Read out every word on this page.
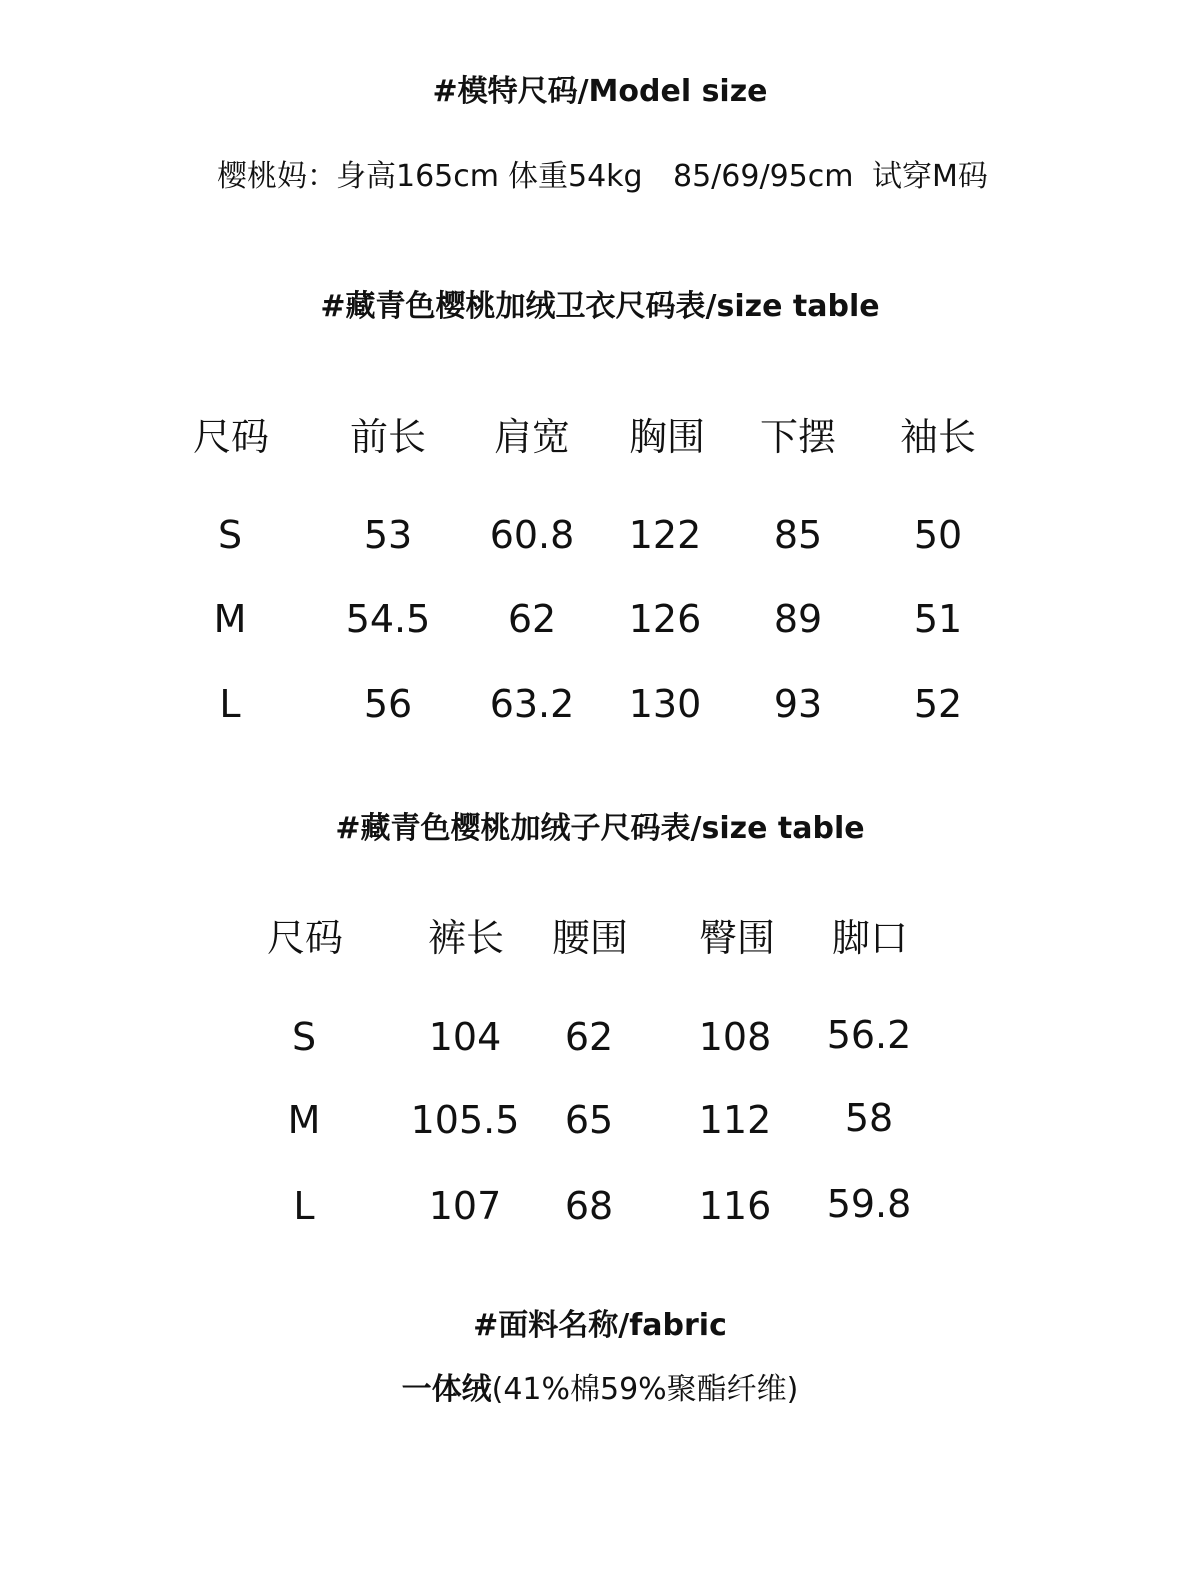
#模特尺码/Model size
樱桃妈： 身高165cm 体重54kg 85/69/95cm 试穿M码
#藏青色樱桃加绒卫衣尺码表/size table
尺码 前长 肩宽 胸围 下摆 袖长
S	53 60.8 122 85 50
M	54.5 62 126 89 51
L	56 63.2 130 93 52
#藏青色樱桃加绒子尺码表/size table
尺码 裤长 腰围 臀围 脚口
S	104 62 108 56.2
M 105.5 65 112 58
L	107 68 116 59.8
#面料名称/fabric
一体绒(41%棉59%聚酯纤维)
